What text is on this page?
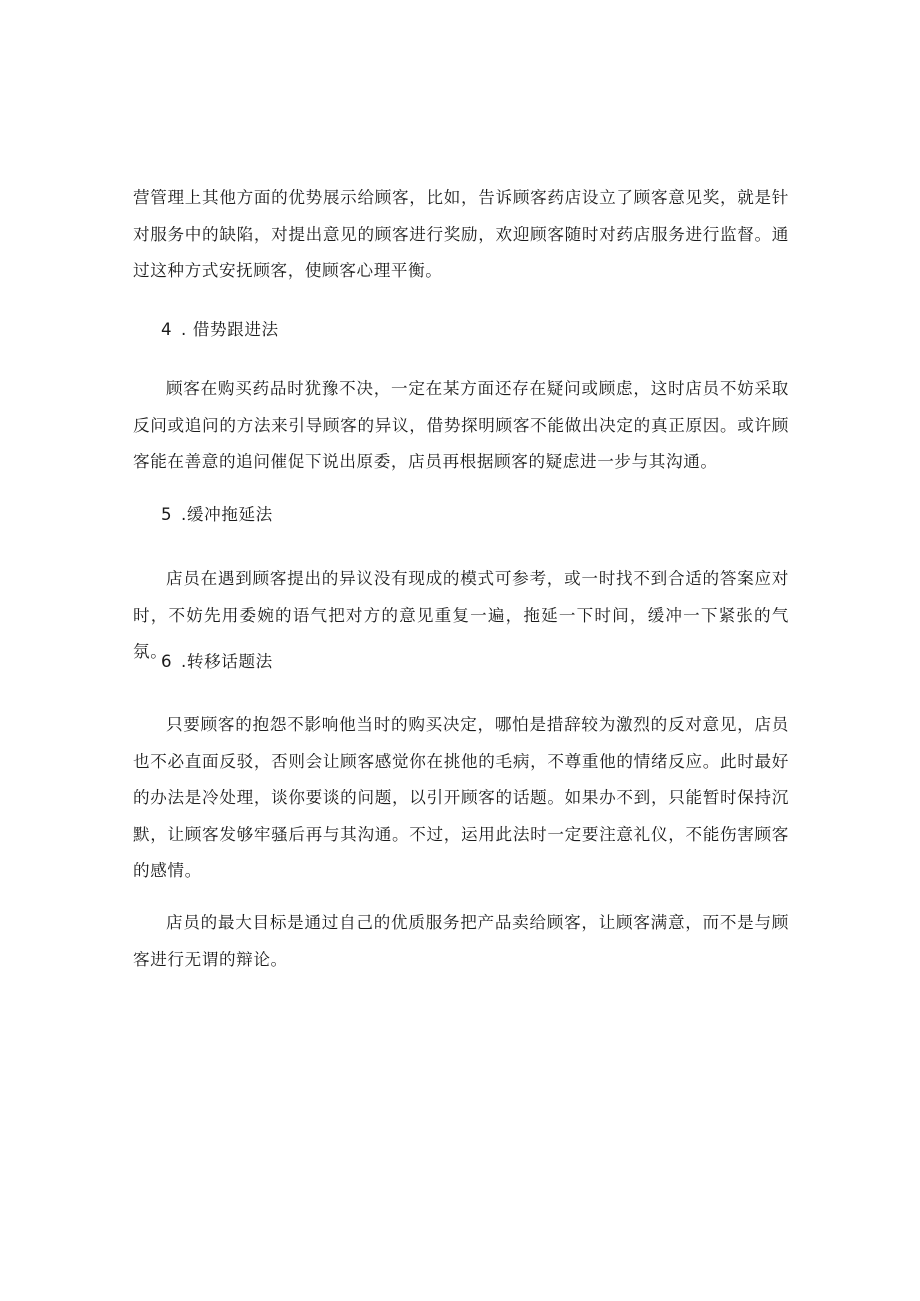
营管理上其他方面的优势展示给顾客，比如，告诉顾客药店设立了顾客意见奖，就是针对服务中的缺陷，对提出意见的顾客进行奖励，欢迎顾客随时对药店服务进行监督。通过这种方式安抚顾客，使顾客心理平衡。

4 . 借势跟进法

顾客在购买药品时犹豫不决，一定在某方面还存在疑问或顾虑，这时店员不妨采取反问或追问的方法来引导顾客的异议，借势探明顾客不能做出决定的真正原因。或许顾客能在善意的追问催促下说出原委，店员再根据顾客的疑虑进一步与其沟通。

5 .缓冲拖延法

店员在遇到顾客提出的异议没有现成的模式可参考，或一时找不到合适的答案应对时，不妨先用委婉的语气把对方的意见重复一遍，拖延一下时间，缓冲一下紧张的气氛。

6 .转移话题法

只要顾客的抱怨不影响他当时的购买决定，哪怕是措辞较为激烈的反对意见，店员也不必直面反驳，否则会让顾客感觉你在挑他的毛病，不尊重他的情绪反应。此时最好的办法是冷处理，谈你要谈的问题，以引开顾客的话题。如果办不到，只能暂时保持沉默，让顾客发够牢骚后再与其沟通。不过，运用此法时一定要注意礼仪，不能伤害顾客的感情。

店员的最大目标是通过自己的优质服务把产品卖给顾客，让顾客满意，而不是与顾客进行无谓的辩论。
